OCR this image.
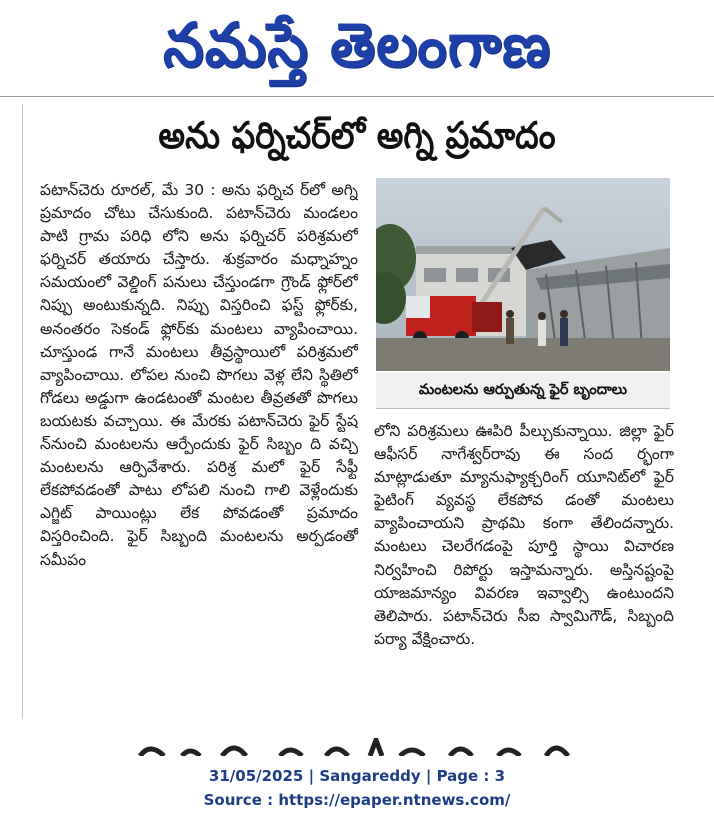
నమస్తే తెలంగాణ
అను ఫర్నిచర్‌లో అగ్ని ప్రమాదం
పటాన్‌చెరు రూరల్, మే 30 : అను ఫర్నిచ ర్‌లో అగ్ని ప్రమాదం చోటు చేసుకుంది. పటాన్‌చెరు మండలం పాటి గ్రామ పరిధి లోని అను ఫర్నిచర్ పరిశ్రమలో ఫర్నిచర్ తయారు చేస్తారు. శుక్రవారం మధ్నాహ్నం సమయంలో వెల్డింగ్ పనులు చేస్తుండగా గ్రౌండ్ ఫ్లోర్‌లో నిప్పు అంటుకున్నది. నిప్పు విస్తరించి ఫస్ట్ ఫ్లోర్‌కు, అనంతరం సెకండ్ ఫ్లోర్‌కు మంటలు వ్యాపించాయి. చూస్తుండ గానే మంటలు తీవ్రస్థాయిలో పరిశ్రమలో వ్యాపించాయి. లోపల నుంచి పొగలు వెళ్ల లేని స్థితిలో గోడలు అడ్డుగా ఉండటంతో మంటల తీవ్రతతో పొగలు బయటకు వచ్చాయి. ఈ మేరకు పటాన్‌చెరు ఫైర్ స్టేష న్‌నుంచి మంటలను ఆర్పేందుకు ఫైర్ సిబ్బం ది వచ్చి మంటలను ఆర్పివేశారు. పరిశ్ర మలో ఫైర్ సేఫ్టీ లేకపోవడంతో పాటు లోపలి నుంచి గాలి వెళ్లేందుకు ఎగ్జిట్ పాయింట్లు లేక పోవడంతో ప్రమాదం విస్తరించింది. ఫైర్ సిబ్బంది మంటలను అర్పడంతో సమీపం
మంటలను ఆర్పుతున్న ఫైర్ బృందాలు
లోని పరిశ్రమలు ఊపిరి పీల్చుకున్నాయి. జిల్లా ఫైర్ ఆఫీసర్ నాగేశ్వర్‌రావు ఈ సంద ర్భంగా మాట్లాడుతూ మ్యానుఫ్యాక్చరింగ్ యూనిట్‌లో ఫైర్ ఫైటింగ్ వ్యవస్థ లేకపోవ డంతో మంటలు వ్యాపించాయని ప్రాథమి కంగా తేలిందన్నారు. మంటలు చెలరేగడంపై పూర్తి స్థాయి విచారణ నిర్వహించి రిపోర్టు ఇస్తామన్నారు. అస్తినష్టంపై యాజమాన్యం వివరణ ఇవ్వాల్సి ఉంటుందని తెలిపారు. పటాన్‌చెరు సీఐ స్వామిగౌడ్, సిబ్బంది పర్యా వేక్షించారు.
31/05/2025 | Sangareddy | Page : 3
Source : https://epaper.ntnews.com/
